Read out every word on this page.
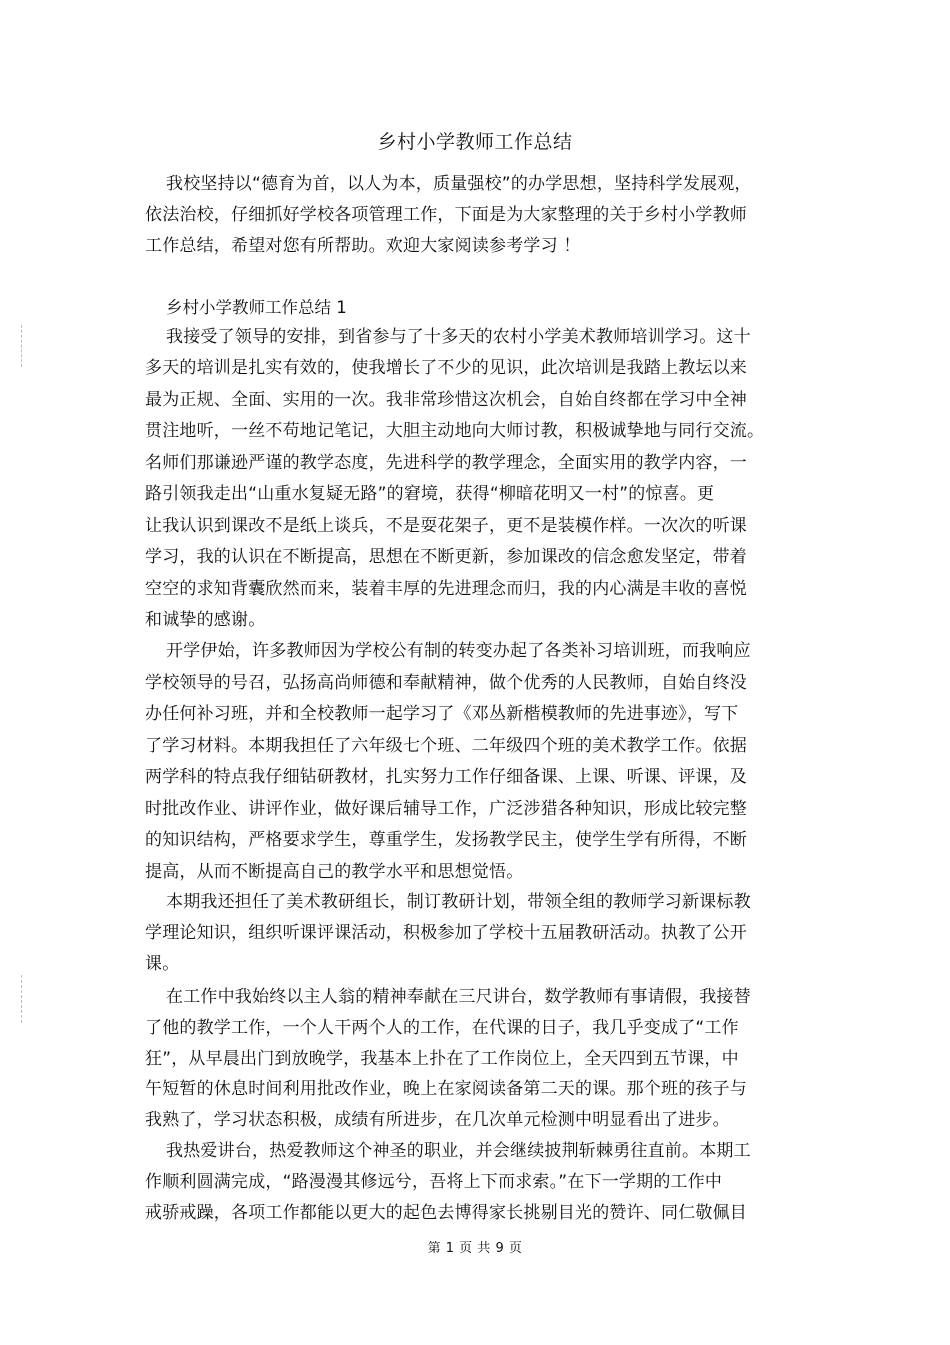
乡村小学教师工作总结
我校坚持以“德育为首，以人为本，质量强校”的办学思想，坚持科学发展观，
依法治校，仔细抓好学校各项管理工作，下面是为大家整理的关于乡村小学教师
工作总结，希望对您有所帮助。欢迎大家阅读参考学习 ！
乡村小学教师工作总结 1
我接受了领导的安排，到省参与了十多天的农村小学美术教师培训学习。这十
多天的培训是扎实有效的，使我增长了不少的见识，此次培训是我踏上教坛以来
最为正规、全面、实用的一次。我非常珍惜这次机会，自始自终都在学习中全神
贯注地听，一丝不苟地记笔记，大胆主动地向大师讨教，积极诚挚地与同行交流。
名师们那谦逊严谨的教学态度，先进科学的教学理念，全面实用的教学内容，一
路引领我走出“山重水复疑无路”的窘境，获得“柳暗花明又一村”的惊喜。更
让我认识到课改不是纸上谈兵，不是耍花架子，更不是装模作样。一次次的听课
学习，我的认识在不断提高，思想在不断更新，参加课改的信念愈发坚定，带着
空空的求知背囊欣然而来，装着丰厚的先进理念而归，我的内心满是丰收的喜悦
和诚挚的感谢。
开学伊始，许多教师因为学校公有制的转变办起了各类补习培训班，而我响应
学校领导的号召，弘扬高尚师德和奉献精神，做个优秀的人民教师，自始自终没
办任何补习班，并和全校教师一起学习了《邓丛新楷模教师的先进事迹》，写下
了学习材料。本期我担任了六年级七个班、二年级四个班的美术教学工作。依据
两学科的特点我仔细钻研教材，扎实努力工作仔细备课、上课、听课、评课，及
时批改作业、讲评作业，做好课后辅导工作，广泛涉猎各种知识，形成比较完整
的知识结构，严格要求学生，尊重学生，发扬教学民主，使学生学有所得，不断
提高，从而不断提高自己的教学水平和思想觉悟。
本期我还担任了美术教研组长，制订教研计划，带领全组的教师学习新课标教
学理论知识，组织听课评课活动，积极参加了学校十五届教研活动。执教了公开
课。
在工作中我始终以主人翁的精神奉献在三尺讲台，数学教师有事请假，我接替
了他的教学工作，一个人干两个人的工作，在代课的日子，我几乎变成了“工作
狂”，从早晨出门到放晚学，我基本上扑在了工作岗位上，全天四到五节课，中
午短暂的休息时间利用批改作业，晚上在家阅读备第二天的课。那个班的孩子与
我熟了，学习状态积极，成绩有所进步，在几次单元检测中明显看出了进步。
我热爱讲台，热爱教师这个神圣的职业，并会继续披荆斩棘勇往直前。本期工
作顺利圆满完成，“路漫漫其修远兮，吾将上下而求索。”在下一学期的工作中
戒骄戒躁，各项工作都能以更大的起色去博得家长挑剔目光的赞许、同仁敬佩目
第 1 页 共 9 页
